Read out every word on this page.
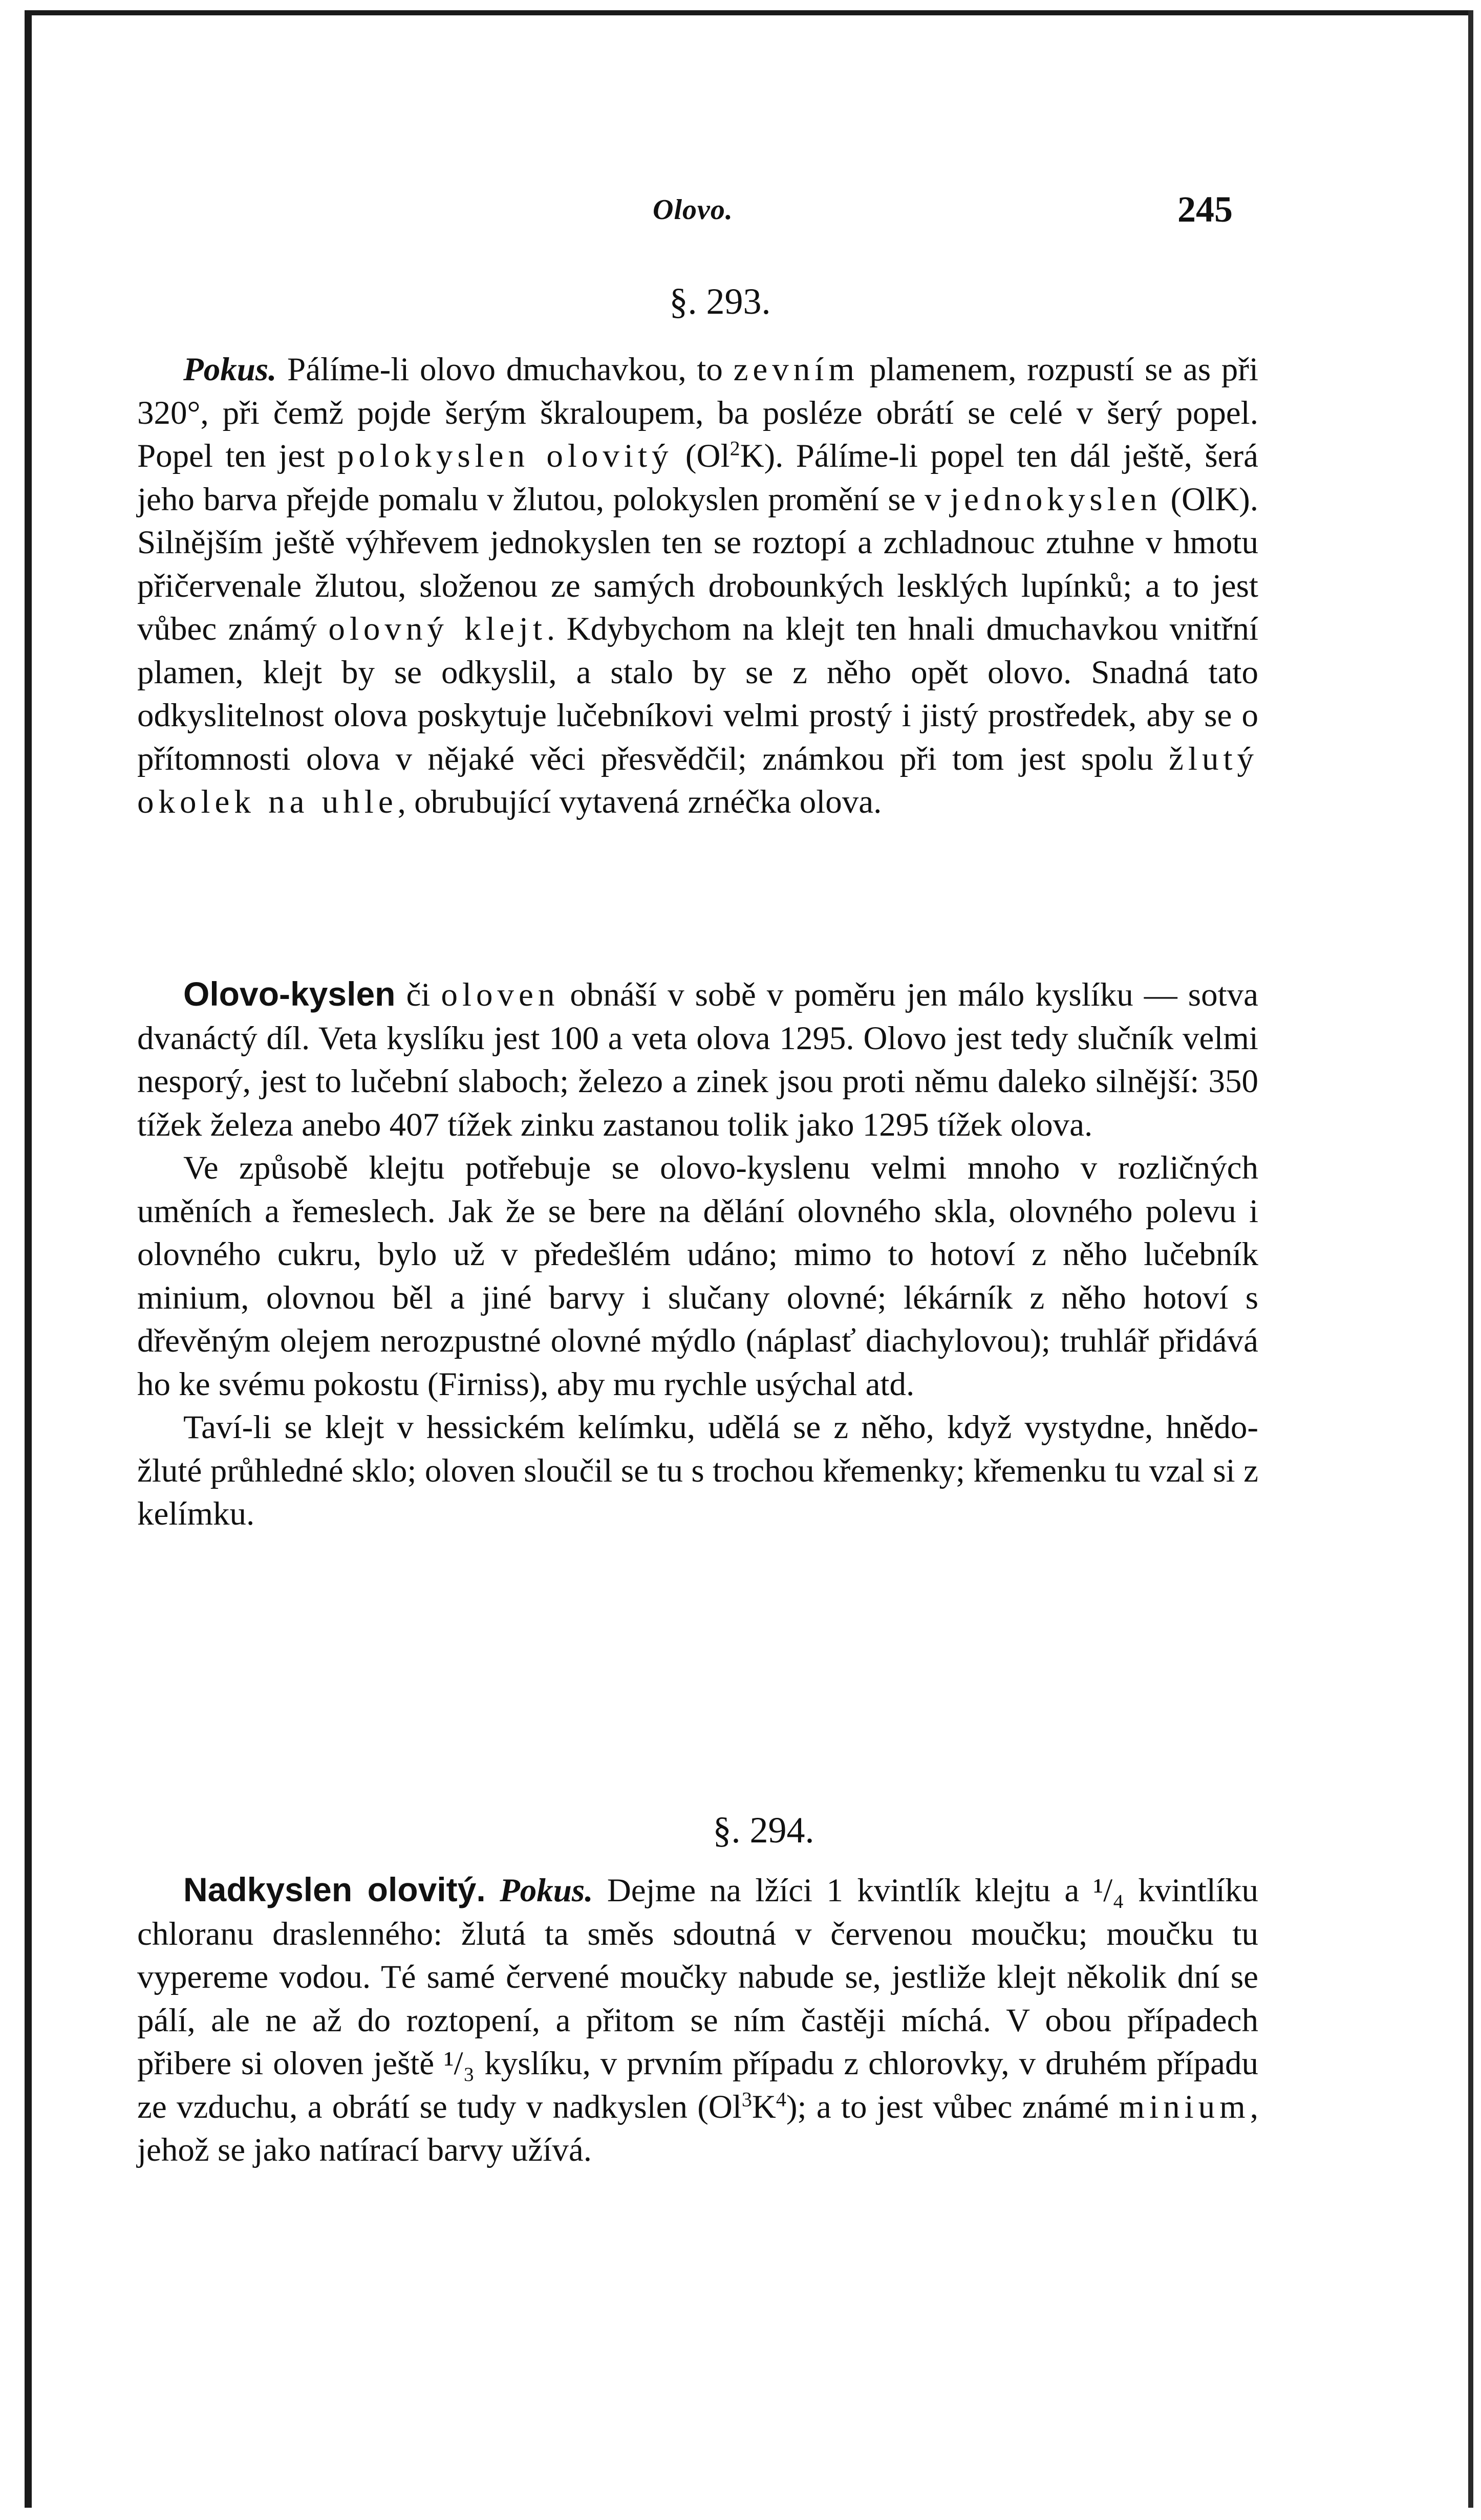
Olovo.	245
§. 293.

Pokus. Pálíme-li olovo dmuchavkou, to zevním plamenem, rozpustí se as při 320°, při čemž pojde šerým škraloupem, ba posléze obrátí se celé v šerý popel. Popel ten jest polokyslen olovitý (Ol$^2$K). Pálíme-li popel ten dál ještě, šerá jeho barva přejde pomalu v žlutou, polokyslen promění se v jednokyslen (OlK). Silnějším ještě výhřevem jednokyslen ten se roztopí a zchladnouc ztuhne v hmotu přičervenale žlutou, složenou ze samých drobounkých lesklých lupínků; a to jest vůbec známý olovný klejt. Kdybychom na klejt ten hnali dmuchavkou vnitřní plamen, klejt by se odkyslil, a stalo by se z něho opět olovo. Snadná tato odkyslitelnost olova poskytuje lučebníkovi velmi prostý i jistý prostředek, aby se o přítomnosti olova v nějaké věci přesvědčil; známkou při tom jest spolu žlutý okolek na uhle, obrubující vytavená zrnéčka olova.

Olovo-kyslen či oloven obnáší v sobě v poměru jen málo kyslíku — sotva dvanáctý díl. Veta kyslíku jest 100 a veta olova 1295. Olovo jest tedy slučník velmi nesporý, jest to lučební slaboch; železo a zinek jsou proti němu daleko silnější: 350 tížek železa anebo 407 tížek zinku zastanou tolik jako 1295 tížek olova.

Ve způsobě klejtu potřebuje se olovo-kyslenu velmi mnoho v rozličných uměních a řemeslech. Jak že se bere na dělání olovného skla, olovného polevu i olovného cukru, bylo už v předešlém udáno; mimo to hotoví z něho lučebník minium, olovnou běl a jiné barvy i slučany olovné; lékárník z něho hotoví s dřevěným olejem nerozpustné olovné mýdlo (náplasť diachylovou); truhlář přidává ho ke svému pokostu (Firniss), aby mu rychle usýchal atd.

Taví-li se klejt v hessickém kelímku, udělá se z něho, když vystydne, hnědo-žluté průhledné sklo; oloven sloučil se tu s trochou křemenky; křemenku tu vzal si z kelímku.

§. 294.

Nadkyslen olovitý. Pokus. Dejme na lžíci 1 kvintlík klejtu a ¹/₄ kvintlíku chloranu draslenného: žlutá ta směs sdoutná v červenou moučku; moučku tu vypereme vodou. Té samé červené moučky nabude se, jestliže klejt několik dní se pálí, ale ne až do roztopení, a přitom se ním častěji míchá. V obou případech přibere si oloven ještě ¹/₃ kyslíku, v prvním případu z chlorovky, v druhém případu ze vzduchu, a obrátí se tudy v nadkyslen $(Ol^3K^4)$; a to jest vůbec známé minium, jehož se jako natírací barvy užívá.
